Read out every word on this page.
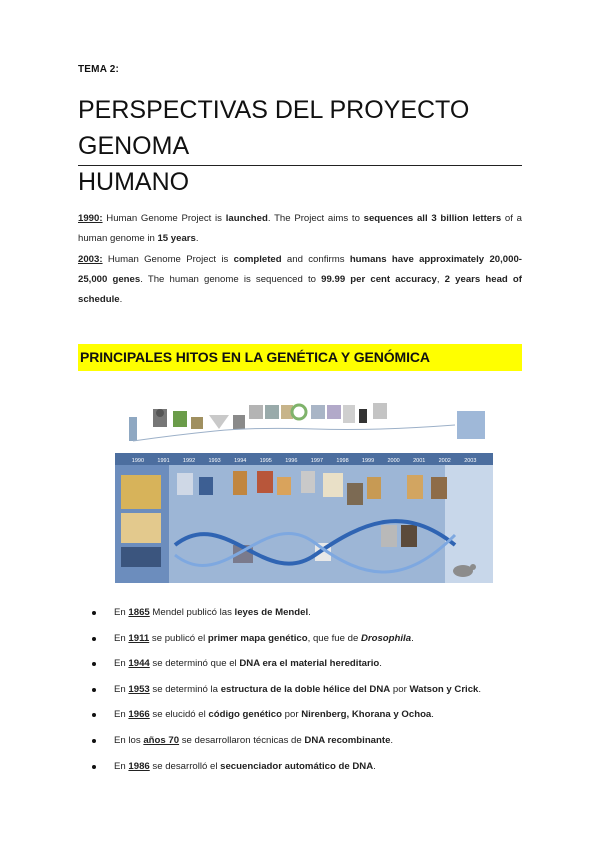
TEMA 2:
PERSPECTIVAS DEL PROYECTO GENOMA
HUMANO
1990: Human Genome Project is launched. The Project aims to sequences all 3 billion letters of a human genome in 15 years.
2003: Human Genome Project is completed and confirms humans have approximately 20,000-25,000 genes. The human genome is sequenced to 99.99 per cent accuracy, 2 years head of schedule.
PRINCIPALES HITOS EN LA GENÉTICA Y GENÓMICA
1990 1991 1992 1993 1994 1995 1996 1997 1998 1999 2000 2001 2002 2003
En 1865 Mendel publicó las leyes de Mendel.
En 1911 se publicó el primer mapa genético, que fue de Drosophila.
En 1944 se determinó que el DNA era el material hereditario.
En 1953 se determinó la estructura de la doble hélice del DNA por Watson y Crick.
En 1966 se elucidó el código genético por Nirenberg, Khorana y Ochoa.
En los años 70 se desarrollaron técnicas de DNA recombinante.
En 1986 se desarrolló el secuenciador automático de DNA.
